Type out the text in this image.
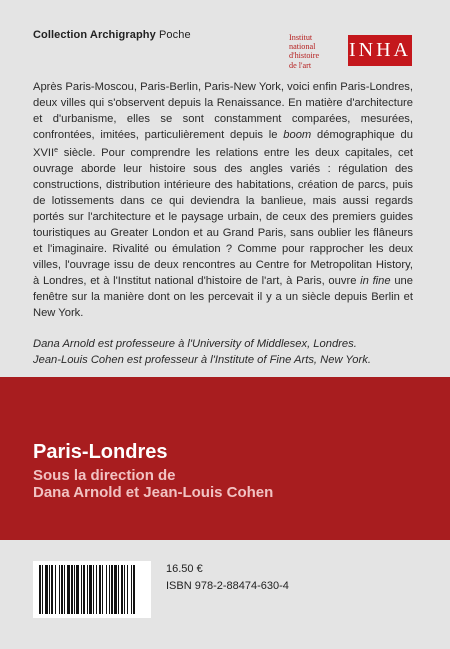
Collection Archigraphy Poche	Institut
national
d'histoire
de l'art
INHA

Après Paris-Moscou, Paris-Berlin, Paris-New York, voici enfin Paris-Londres, deux villes qui s'observent depuis la Renaissance. En matière d'architecture et d'urbanisme, elles se sont constamment comparées, mesurées, confrontées, imitées, particulièrement depuis le boom démographique du XVIIe siècle. Pour comprendre les relations entre les deux capitales, cet ouvrage aborde leur histoire sous des angles variés : régulation des constructions, distribution intérieure des habitations, création de parcs, puis de lotissements dans ce qui deviendra la banlieue, mais aussi regards portés sur l'architecture et le paysage urbain, de ceux des premiers guides touristiques au Greater London et au Grand Paris, sans oublier les flâneurs et l'imaginaire. Rivalité ou émulation ? Comme pour rapprocher les deux villes, l'ouvrage issu de deux rencontres au Centre for Metropolitan History, à Londres, et à l'Institut national d'histoire de l'art, à Paris, ouvre in fine une fenêtre sur la manière dont on les percevait il y a un siècle depuis Berlin et New York.

Dana Arnold est professeure à l'University of Middlesex, Londres.
Jean-Louis Cohen est professeur à l'Institute of Fine Arts, New York.
Paris-Londres
Sous la direction de
Dana Arnold et Jean-Louis Cohen
16.50 €
ISBN 978-2-88474-630-4
